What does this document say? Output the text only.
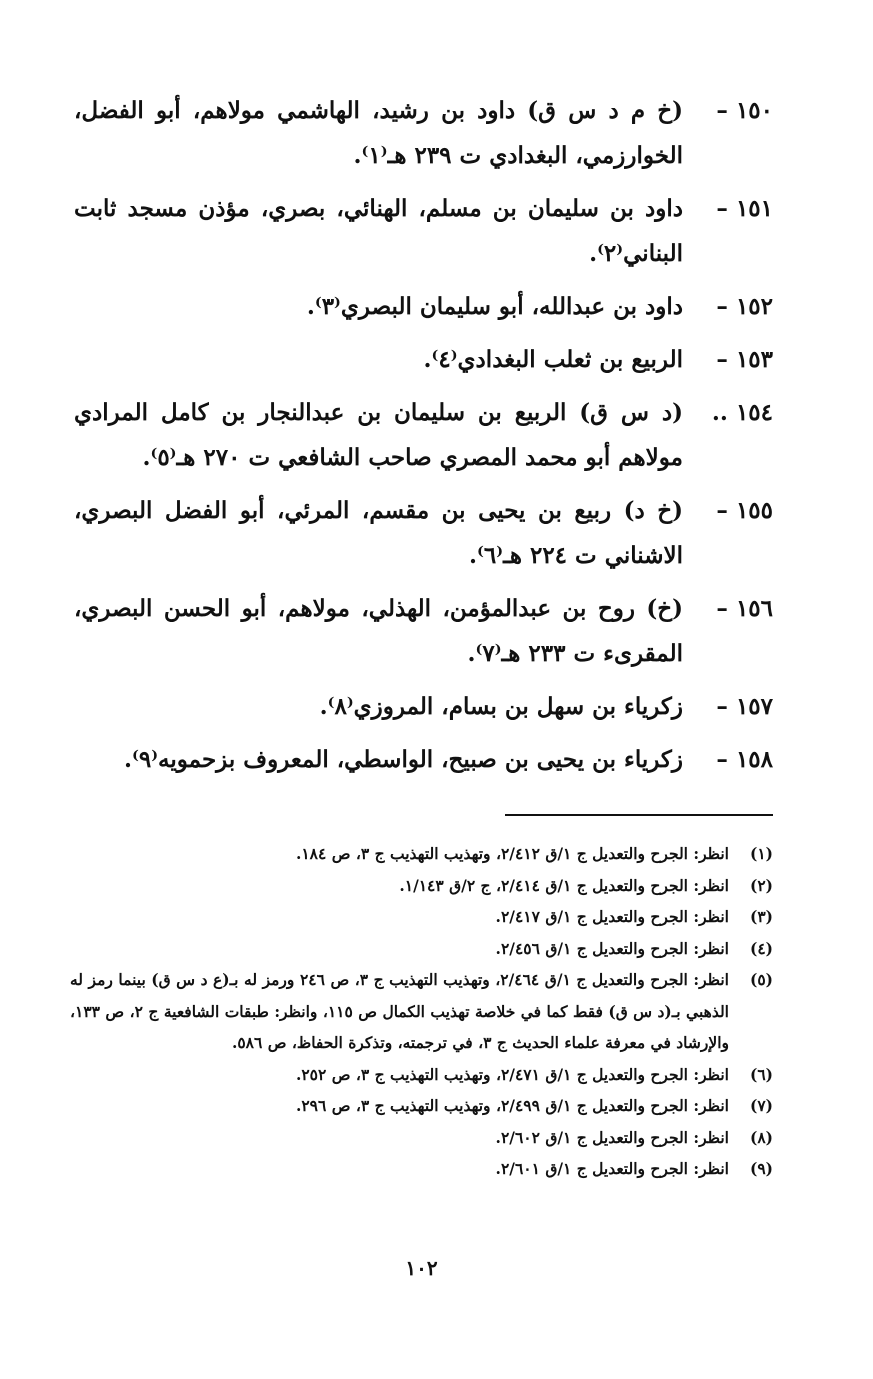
١٥٠ –
(خ م د س ق) داود بن رشيد، الهاشمي مولاهم، أبو الفضل، الخوارزمي، البغدادي ت ٢٣٩ هـ⁽١⁾.
١٥١ –
داود بن سليمان بن مسلم، الهنائي، بصري، مؤذن مسجد ثابت البناني⁽٢⁾.
١٥٢ –
داود بن عبدالله، أبو سليمان البصري⁽٣⁾.
١٥٣ –
الربيع بن ثعلب البغدادي⁽٤⁾.
١٥٤ ..
(د س ق) الربيع بن سليمان بن عبدالنجار بن كامل المرادي مولاهم أبو محمد المصري صاحب الشافعي ت ٢٧٠ هـ⁽٥⁾.
١٥٥ –
(خ د) ربيع بن يحيى بن مقسم، المرئي، أبو الفضل البصري، الاشناني ت ٢٢٤ هـ⁽٦⁾.
١٥٦ –
(خ) روح بن عبدالمؤمن، الهذلي، مولاهم، أبو الحسن البصري، المقرىء ت ٢٣٣ هـ⁽٧⁾.
١٥٧ –
زكرياء بن سهل بن بسام، المروزي⁽٨⁾.
١٥٨ –
زكرياء بن يحيى بن صبيح، الواسطي، المعروف بزحمويه⁽٩⁾.
(١)
انظر: الجرح والتعديل ج ١/ق ٢/٤١٢، وتهذيب التهذيب ج ٣، ص ١٨٤.
(٢)
انظر: الجرح والتعديل ج ١/ق ٢/٤١٤، ج ٢/ق ١/١٤٣.
(٣)
انظر: الجرح والتعديل ج ١/ق ٢/٤١٧.
(٤)
انظر: الجرح والتعديل ج ١/ق ٢/٤٥٦.
(٥)
انظر: الجرح والتعديل ج ١/ق ٢/٤٦٤، وتهذيب التهذيب ج ٣، ص ٢٤٦ ورمز له بـ(ع د س ق) بينما رمز له الذهبي بـ(د س ق) فقط كما في خلاصة تهذيب الكمال ص ١١٥، وانظر: طبقات الشافعية ج ٢، ص ١٣٣، والإرشاد في معرفة علماء الحديث ج ٣، في ترجمته، وتذكرة الحفاظ، ص ٥٨٦.
(٦)
انظر: الجرح والتعديل ج ١/ق ٢/٤٧١، وتهذيب التهذيب ج ٣، ص ٢٥٢.
(٧)
انظر: الجرح والتعديل ج ١/ق ٢/٤٩٩، وتهذيب التهذيب ج ٣، ص ٢٩٦.
(٨)
انظر: الجرح والتعديل ج ١/ق ٢/٦٠٢.
(٩)
انظر: الجرح والتعديل ج ١/ق ٢/٦٠١.
١٠٢
